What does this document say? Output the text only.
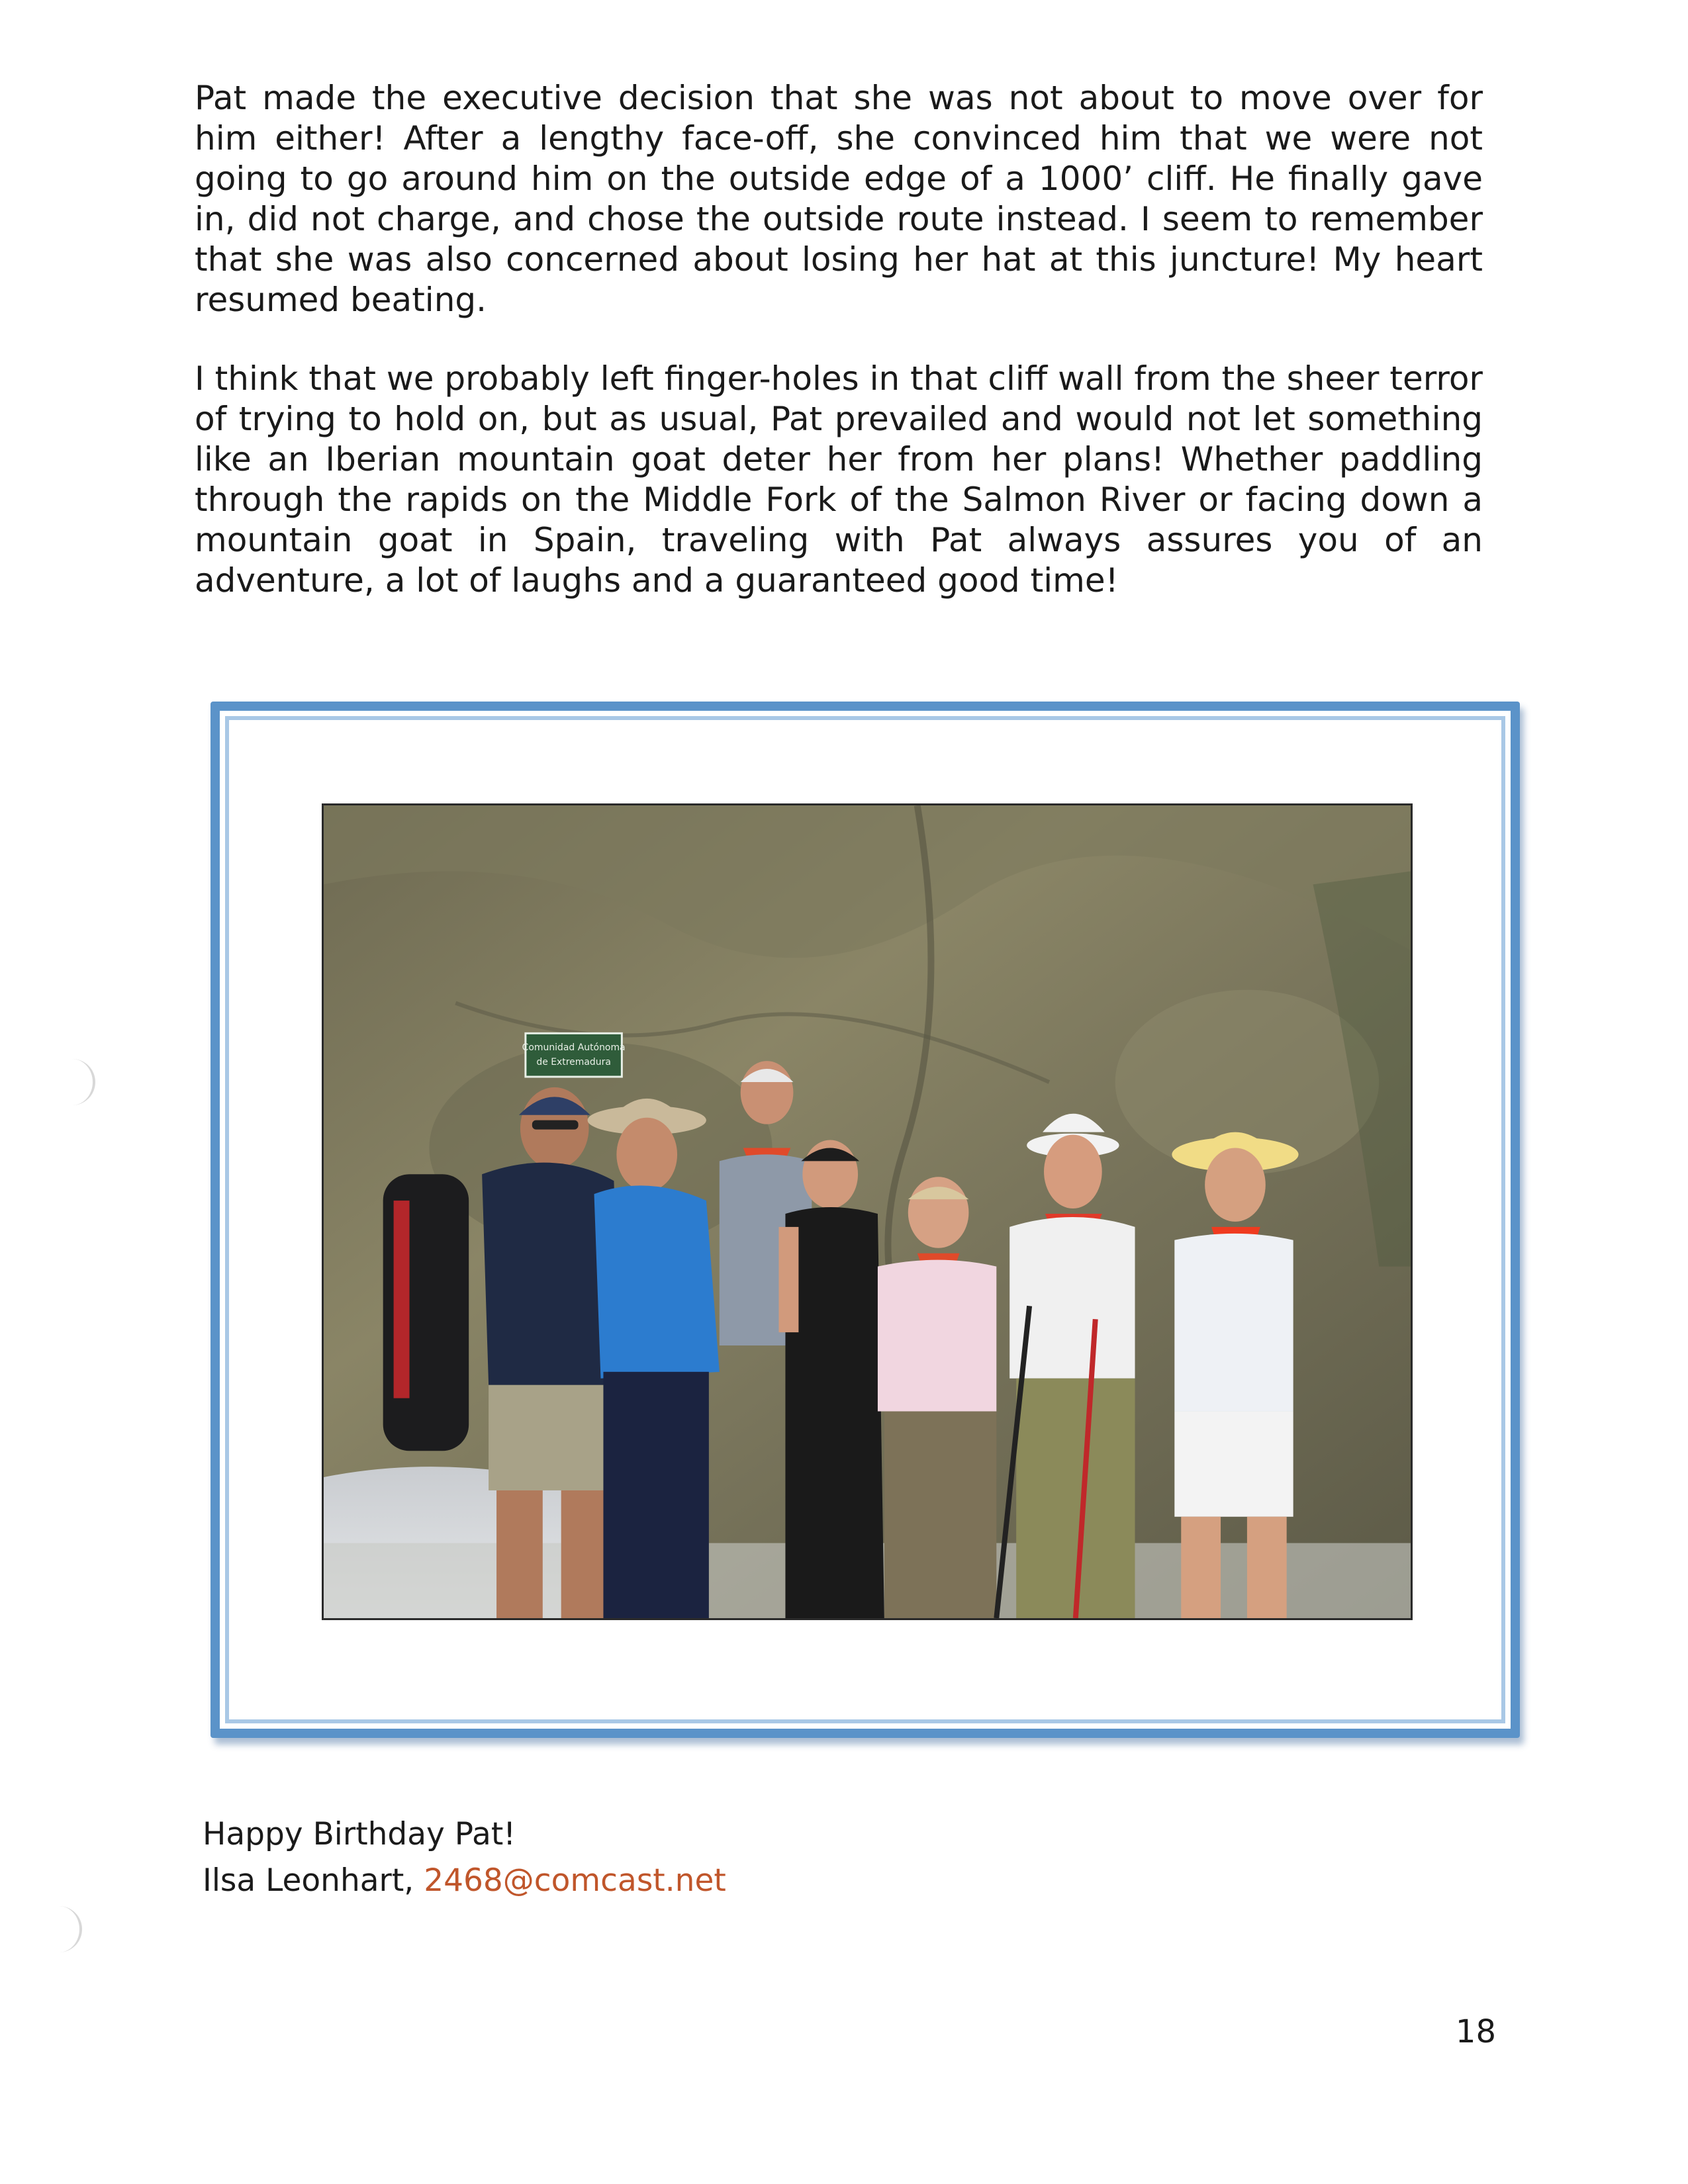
Pat made the executive decision that she was not about to move over for him either! After a lengthy face-off, she convinced him that we were not going to go around him on the outside edge of a 1000’ cliff. He finally gave in, did not charge, and chose the outside route instead. I seem to remember that she was also concerned about losing her hat at this juncture! My heart resumed beating.

I think that we probably left finger-holes in that cliff wall from the sheer terror of trying to hold on, but as usual, Pat prevailed and would not let something like an Iberian mountain goat deter her from her plans! Whether paddling through the rapids on the Middle Fork of the Salmon River or facing down a mountain goat in Spain, traveling with Pat always assures you of an adventure, a lot of laughs and a guaranteed good time!

Comunidad Autónoma
de Extremadura

Happy Birthday Pat!

Ilsa Leonhart, 2468@comcast.net

18
